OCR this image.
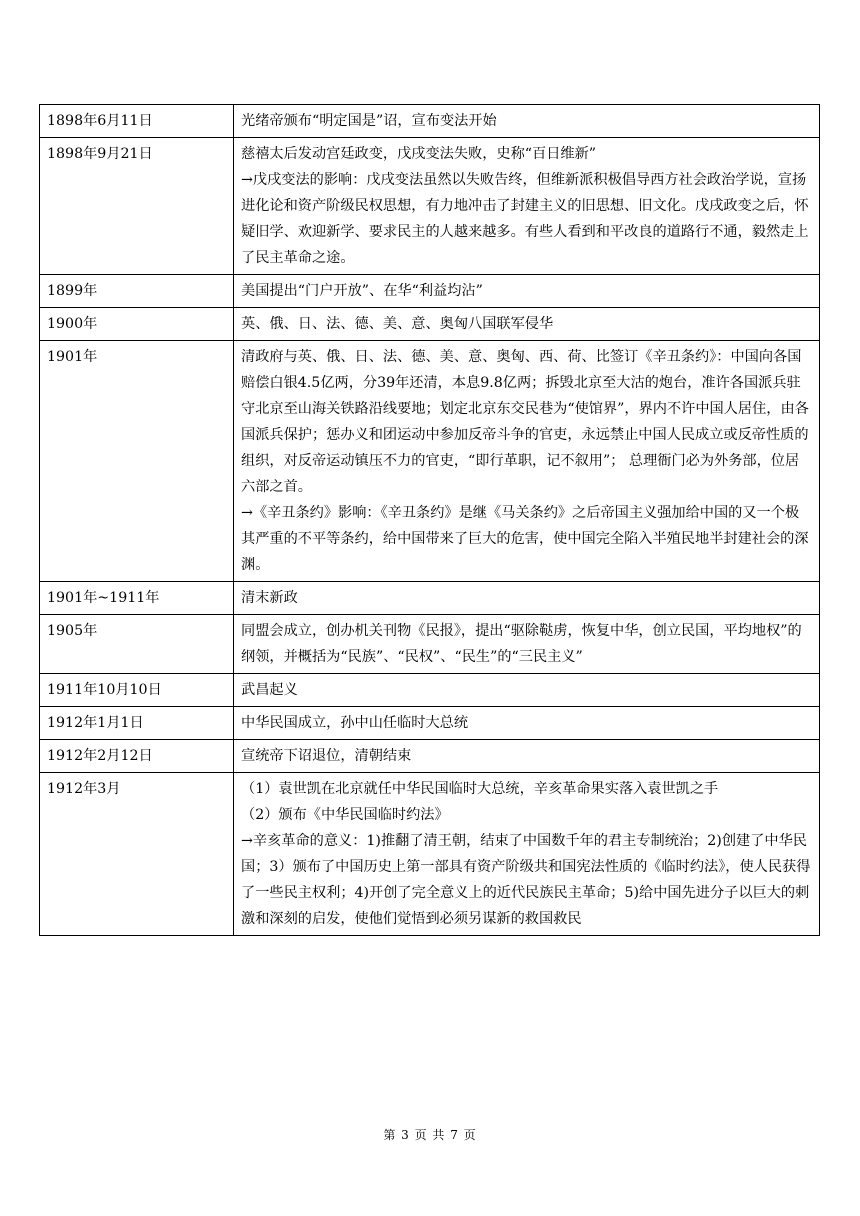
1898年6月11日	光绪帝颁布“明定国是”诏，宣布变法开始

1898年9月21日	慈禧太后发动宫廷政变，戊戌变法失败，史称“百日维新”

→戊戌变法的影响：戊戌变法虽然以失败告终，但维新派积极倡导西方社会政治学说，宣扬进化论和资产阶级民权思想，有力地冲击了封建主义的旧思想、旧文化。戊戌政变之后，怀疑旧学、欢迎新学、要求民主的人越来越多。有些人看到和平改良的道路行不通，毅然走上了民主革命之途。

1899年	美国提出“门户开放”、在华“利益均沾”

1900年	英、俄、日、法、德、美、意、奥匈八国联军侵华

1901年	清政府与英、俄、日、法、德、美、意、奥匈、西、荷、比签订《辛丑条约》：中国向各国赔偿白银4.5亿两，分39年还清，本息9.8亿两；拆毁北京至大沽的炮台，准许各国派兵驻守北京至山海关铁路沿线要地；划定北京东交民巷为“使馆界”，界内不许中国人居住，由各国派兵保护；惩办义和团运动中参加反帝斗争的官吏，永远禁止中国人民成立或反帝性质的组织，对反帝运动镇压不力的官吏，“即行革职，记不叙用”； 总理衙门必为外务部，位居六部之首。

→《辛丑条约》影响：《辛丑条约》是继《马关条约》之后帝国主义强加给中国的又一个极其严重的不平等条约，给中国带来了巨大的危害，使中国完全陷入半殖民地半封建社会的深渊。

1901年~1911年	清末新政

1905年	同盟会成立，创办机关刊物《民报》，提出“驱除鞑虏，恢复中华，创立民国，平均地权”的纲领，并概括为“民族”、“民权”、“民生”的“三民主义”

1911年10月10日	武昌起义

1912年1月1日	中华民国成立，孙中山任临时大总统

1912年2月12日	宣统帝下诏退位，清朝结束

1912年3月	（1）袁世凯在北京就任中华民国临时大总统，辛亥革命果实落入袁世凯之手

（2）颁布《中华民国临时约法》

→辛亥革命的意义：1)推翻了清王朝，结束了中国数千年的君主专制统治；2)创建了中华民国；3）颁布了中国历史上第一部具有资产阶级共和国宪法性质的《临时约法》，使人民获得了一些民主权利；4)开创了完全意义上的近代民族民主革命；5)给中国先进分子以巨大的刺激和深刻的启发，使他们觉悟到必须另谋新的救国救民

第 3 页 共 7 页
